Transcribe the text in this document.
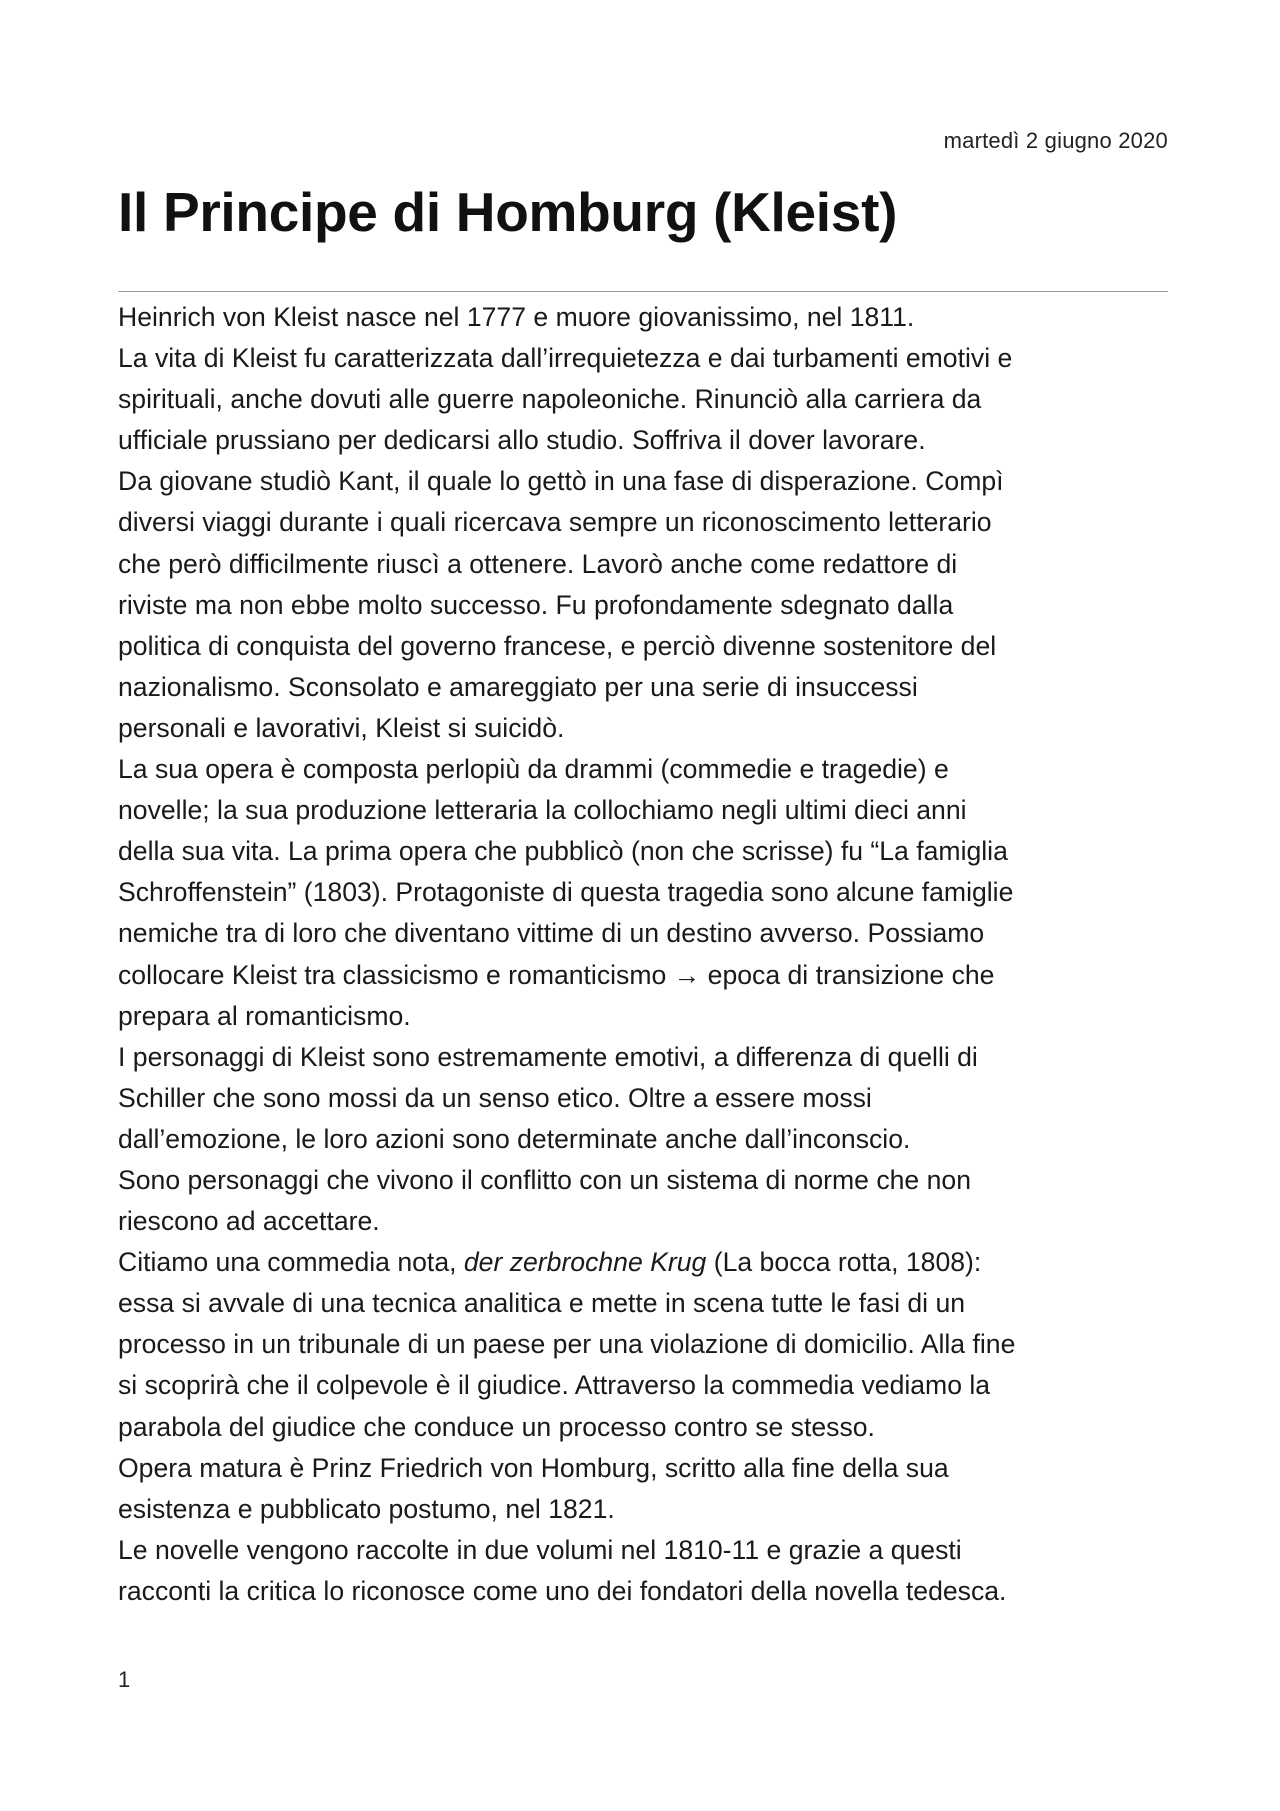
martedì 2 giugno 2020
Il Principe di Homburg (Kleist)
Heinrich von Kleist nasce nel 1777 e muore giovanissimo, nel 1811.
La vita di Kleist fu caratterizzata dall’irrequietezza e dai turbamenti emotivi e
spirituali, anche dovuti alle guerre napoleoniche. Rinunciò alla carriera da
ufficiale prussiano per dedicarsi allo studio. Soffriva il dover lavorare.
Da giovane studiò Kant, il quale lo gettò in una fase di disperazione. Compì
diversi viaggi durante i quali ricercava sempre un riconoscimento letterario
che però difficilmente riuscì a ottenere. Lavorò anche come redattore di
riviste ma non ebbe molto successo. Fu profondamente sdegnato dalla
politica di conquista del governo francese, e perciò divenne sostenitore del
nazionalismo. Sconsolato e amareggiato per una serie di insuccessi
personali e lavorativi, Kleist si suicidò.
La sua opera è composta perlopiù da drammi (commedie e tragedie) e
novelle; la sua produzione letteraria la collochiamo negli ultimi dieci anni
della sua vita. La prima opera che pubblicò (non che scrisse) fu “La famiglia
Schroffenstein” (1803). Protagoniste di questa tragedia sono alcune famiglie
nemiche tra di loro che diventano vittime di un destino avverso. Possiamo
collocare Kleist tra classicismo e romanticismo → epoca di transizione che
prepara al romanticismo.
I personaggi di Kleist sono estremamente emotivi, a differenza di quelli di
Schiller che sono mossi da un senso etico. Oltre a essere mossi
dall’emozione, le loro azioni sono determinate anche dall’inconscio.
Sono personaggi che vivono il conflitto con un sistema di norme che non
riescono ad accettare.
Citiamo una commedia nota, der zerbrochne Krug (La bocca rotta, 1808):
essa si avvale di una tecnica analitica e mette in scena tutte le fasi di un
processo in un tribunale di un paese per una violazione di domicilio. Alla fine
si scoprirà che il colpevole è il giudice. Attraverso la commedia vediamo la
parabola del giudice che conduce un processo contro se stesso.
Opera matura è Prinz Friedrich von Homburg, scritto alla fine della sua
esistenza e pubblicato postumo, nel 1821.
Le novelle vengono raccolte in due volumi nel 1810-11 e grazie a questi
racconti la critica lo riconosce come uno dei fondatori della novella tedesca.
1
